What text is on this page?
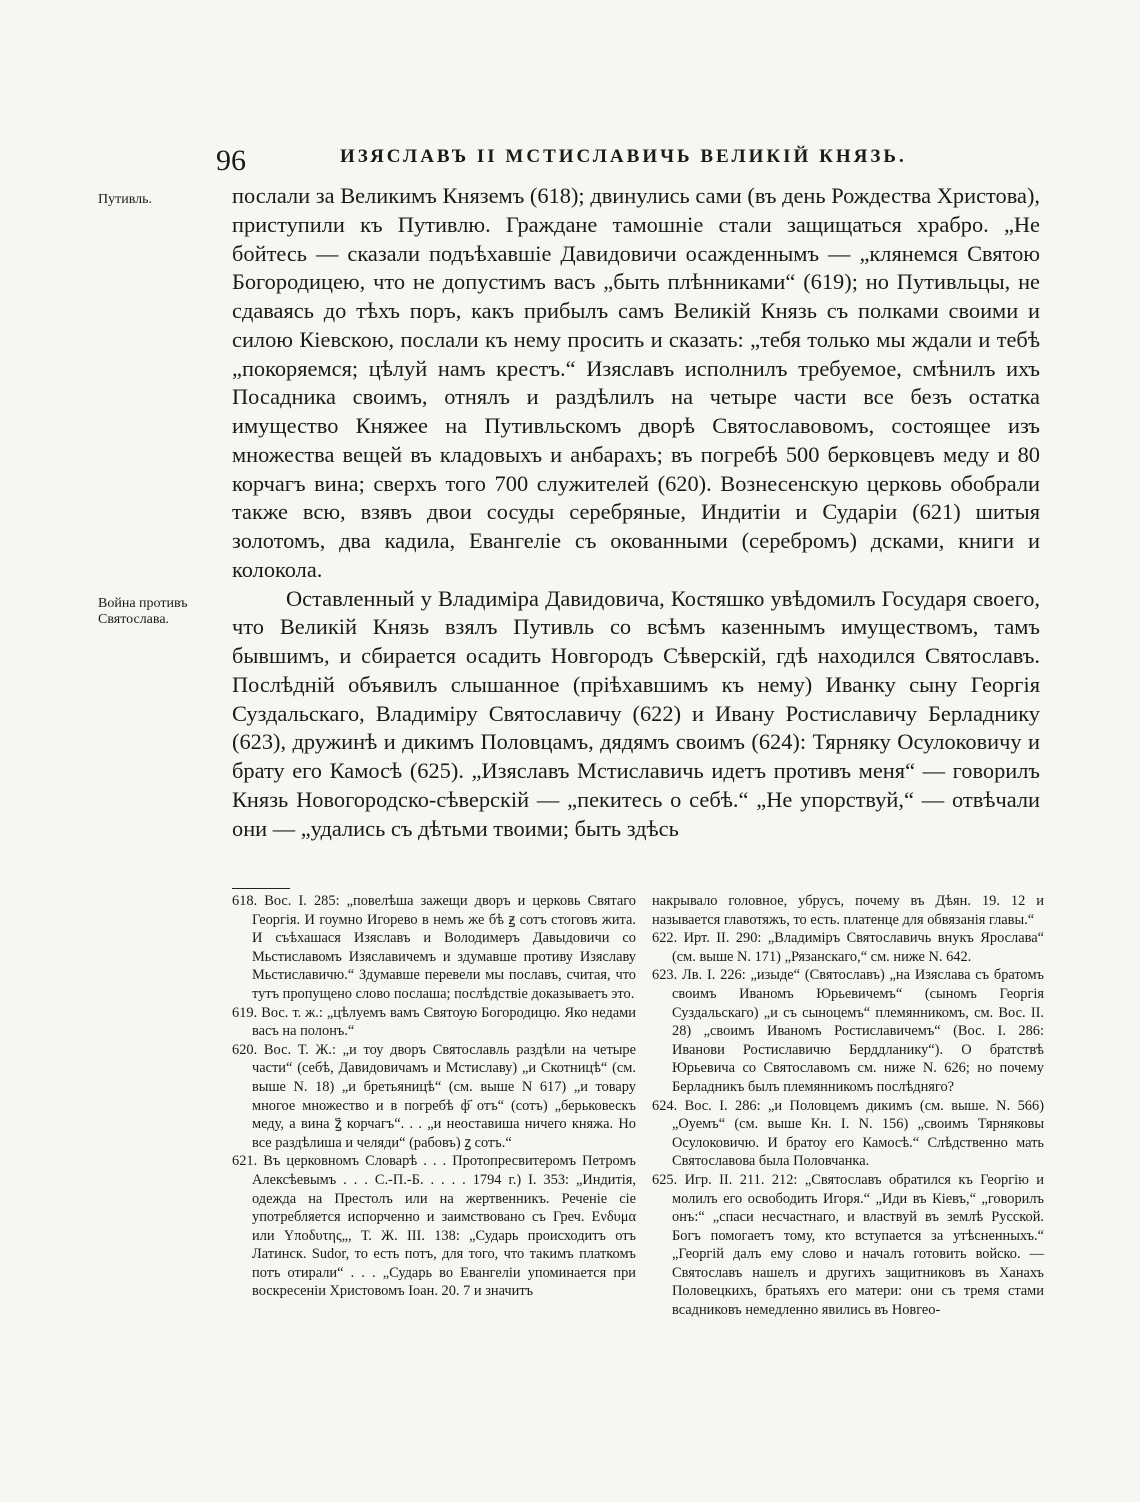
96	ИЗЯСЛАВЪ II МСТИСЛАВИЧЬ ВЕЛИКІЙ КНЯЗЬ.
Путивль.
Война противъ Святослава.

послали за Великимъ Княземъ (618); двинулись сами (въ день Рождества Христова), приступили къ Путивлю. Граждане тамошніе стали защищаться храбро. „Не бойтесь — сказали подъѣхавшіе Давидовичи осажденнымъ — „клянемся Святою Богородицею, что не допустимъ васъ „быть плѣнниками“ (619); но Путивльцы, не сдаваясь до тѣхъ поръ, какъ прибылъ самъ Великій Князь съ полками своими и силою Кіевскою, послали къ нему просить и сказать: „тебя только мы ждали и тебѣ „покоряемся; цѣлуй намъ крестъ.“ Изяславъ исполнилъ требуемое, смѣнилъ ихъ Посадника своимъ, отнялъ и раздѣлилъ на четыре части все безъ остатка имущество Княжее на Путивльскомъ дворѣ Святославовомъ, состоящее изъ множества вещей въ кладовыхъ и анбарахъ; въ погребѣ 500 берковцевъ меду и 80 корчагъ вина; сверхъ того 700 служителей (620). Вознесенскую церковь обобрали также всю, взявъ двои сосуды серебряные, Индитіи и Сударіи (621) шитыя золотомъ, два кадила, Евангеліе съ окованными (серебромъ) дсками, книги и колокола.

Оставленный у Владиміра Давидовича, Костяшко увѣдомилъ Государя своего, что Великій Князь взялъ Путивль со всѣмъ казеннымъ имуществомъ, тамъ бывшимъ, и сбирается осадить Новгородъ Сѣверскій, гдѣ находился Святославъ. Послѣдній объявилъ слышанное (пріѣхавшимъ къ нему) Иванку сыну Георгія Суздальскаго, Владиміру Святославичу (622) и Ивану Ростиславичу Берладнику (623), дружинѣ и дикимъ Половцамъ, дядямъ своимъ (624): Тярняку Осулоковичу и брату его Камосѣ (625). „Изяславъ Мстиславичь идетъ противъ меня“ — говорилъ Князь Новогородско-сѣверскій — „пекитесь о себѣ.“ „Не упорствуй,“ — отвѣчали они — „удались съ дѣтьми твоими; быть здѣсь

618. Вос. I. 285: „повелѣша зажещи дворъ и церковь Святаго Георгія. И гоумно Игорево в немъ же бѣ ꙃ сотъ стоговъ жита. И съѣхашася Изяславъ и Володимеръ Давыдовичи со Мьстиславомъ Изяславичемъ и здумавше противу Изяславу Мьстиславичю.“ Здумавше перевели мы пославъ, считая, что тутъ пропущено слово послаша; послѣдствіе доказываетъ это.

619. Вос. т. ж.: „цѣлуемъ вамъ Святоую Богородицю. Яко недами васъ на полонъ.“

620. Вос. Т. Ж.: „и тоу дворъ Святославль раздѣли на четыре части“ (себѣ, Давидовичамъ и Мстиславу) „и Скотницѣ“ (см. выше N. 18) „и бретьяницѣ“ (см. выше N 617) „и товару многое множество и в погребѣ ф҃ отъ“ (сотъ) „берьковескъ меду, а вина ꙁ҃ корчагъ“. . . „и неоставиша ничего княжа. Но все раздѣлиша и челяди“ (рабовъ) ꙁ сотъ.“

621. Въ церковномъ Словарѣ . . . Протопресвитеромъ Петромъ Алексѣевымъ . . . С.-П.-Б. . . . . 1794 г.) I. 353: „Индитія, одежда на Престолъ или на жертвенникъ. Реченіе сіе употребляется испорченно и заимствовано съ Греч. Ενδυμα или Υποδυτης„, Т. Ж. III. 138: „Сударь происходитъ отъ Латинск. Sudor, то есть потъ, для того, что такимъ платкомъ потъ отирали“ . . . „Сударь во Евангеліи упоминается при воскресеніи Христовомъ Іоан. 20. 7 и значитъ

накрывало головное, убрусъ, почему въ Дѣян. 19. 12 и называется главотяжъ, то есть. платенце для обвязанія главы.“

622. Ирт. II. 290: „Владиміръ Святославичь внукъ Ярослава“ (см. выше N. 171) „Рязанскаго,“ см. ниже N. 642.

623. Лв. I. 226: „изыде“ (Святославъ) „на Изяслава съ братомъ своимъ Иваномъ Юрьевичемъ“ (сыномъ Георгія Суздальскаго) „и съ сыноцемъ“ племянникомъ, см. Вос. II. 28) „своимъ Иваномъ Ростиславичемъ“ (Вос. I. 286: Иванови Ростиславичю Берддланику“). О братствѣ Юрьевича со Святославомъ см. ниже N. 626; но почему Берладникъ былъ племянникомъ послѣдняго?

624. Вос. I. 286: „и Половцемъ дикимъ (см. выше. N. 566) „Оуемъ“ (см. выше Кн. I. N. 156) „своимъ Тярняковы Осулоковичю. И братоу его Камосѣ.“ Слѣдственно мать Святославова была Половчанка.

625. Игр. II. 211. 212: „Святославъ обратился къ Георгію и молилъ его освободить Игоря.“ „Иди въ Кіевъ,“ „говорилъ онъ:“ „спаси несчастнаго, и властвуй въ землѣ Русской. Богъ помогаетъ тому, кто вступается за утѣсненныхъ.“ „Георгій далъ ему слово и началъ готовить войско. — Святославъ нашелъ и другихъ защитниковъ въ Ханахъ Половецкихъ, братьяхъ его матери: они съ тремя стами всадниковъ немедленно явились въ Новгео-
